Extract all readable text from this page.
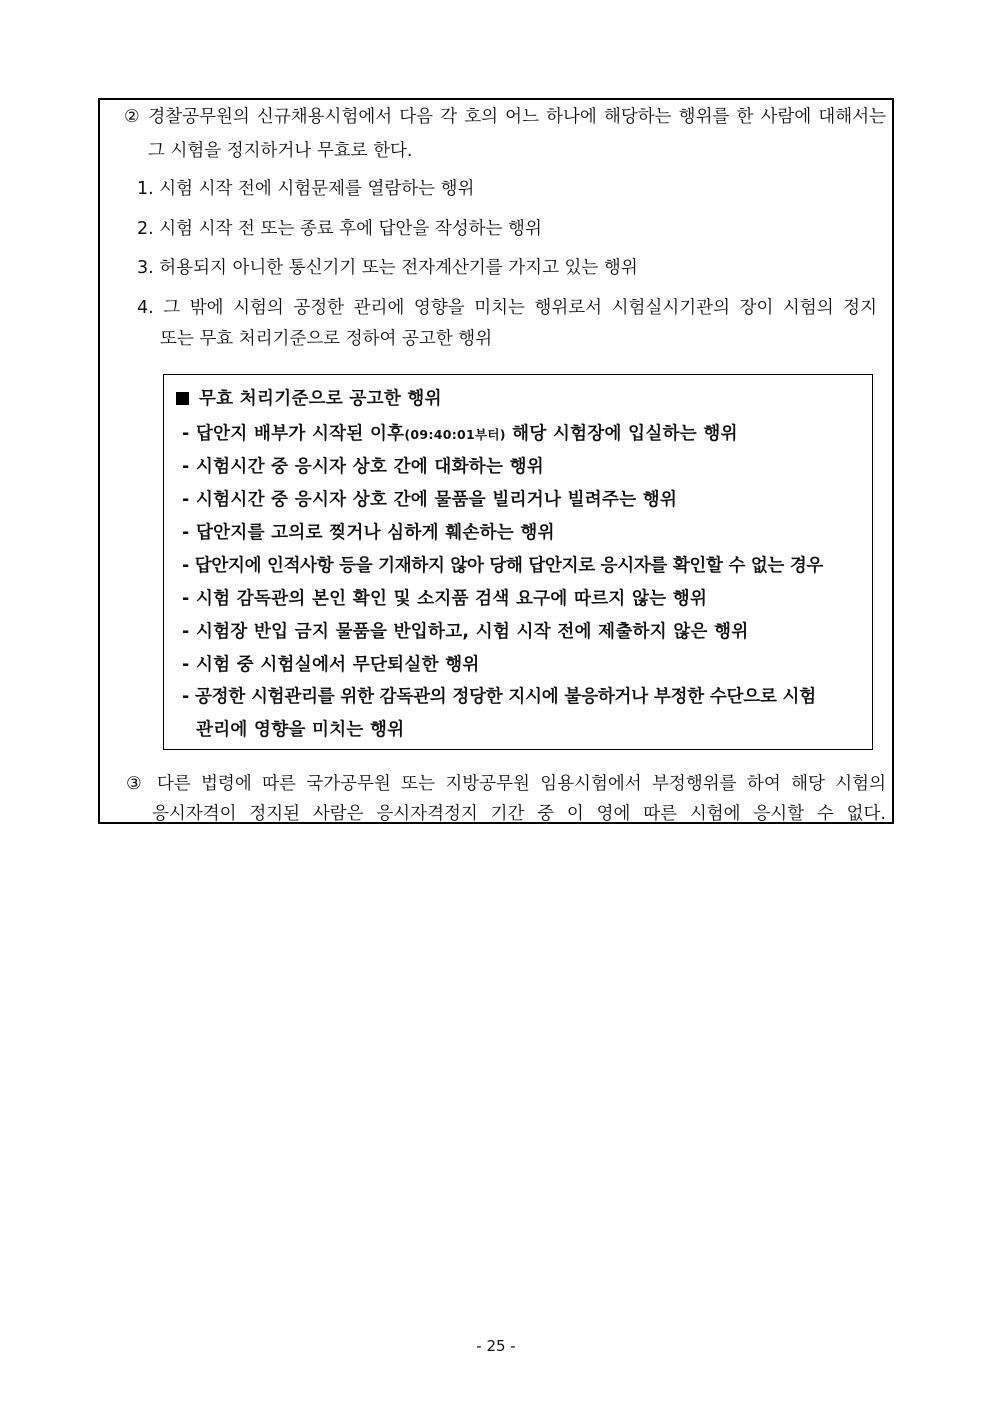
② 경찰공무원의 신규채용시험에서 다음 각 호의 어느 하나에 해당하는 행위를 한 사람에 대해서는
그 시험을 정지하거나 무효로 한다.
1. 시험 시작 전에 시험문제를 열람하는 행위
2. 시험 시작 전 또는 종료 후에 답안을 작성하는 행위
3. 허용되지 아니한 통신기기 또는 전자계산기를 가지고 있는 행위
4. 그 밖에 시험의 공정한 관리에 영향을 미치는 행위로서 시험실시기관의 장이 시험의 정지
또는 무효 처리기준으로 정하여 공고한 행위
무효 처리기준으로 공고한 행위
- 답안지 배부가 시작된 이후(09:40:01부터) 해당 시험장에 입실하는 행위
- 시험시간 중 응시자 상호 간에 대화하는 행위
- 시험시간 중 응시자 상호 간에 물품을 빌리거나 빌려주는 행위
- 답안지를 고의로 찢거나 심하게 훼손하는 행위
- 답안지에 인적사항 등을 기재하지 않아 당해 답안지로 응시자를 확인할 수 없는 경우
- 시험 감독관의 본인 확인 및 소지품 검색 요구에 따르지 않는 행위
- 시험장 반입 금지 물품을 반입하고, 시험 시작 전에 제출하지 않은 행위
- 시험 중 시험실에서 무단퇴실한 행위
- 공정한 시험관리를 위한 감독관의 정당한 지시에 불응하거나 부정한 수단으로 시험
관리에 영향을 미치는 행위
③ 다른 법령에 따른 국가공무원 또는 지방공무원 임용시험에서 부정행위를 하여 해당 시험의
응시자격이 정지된 사람은 응시자격정지 기간 중 이 영에 따른 시험에 응시할 수 없다.
- 25 -
